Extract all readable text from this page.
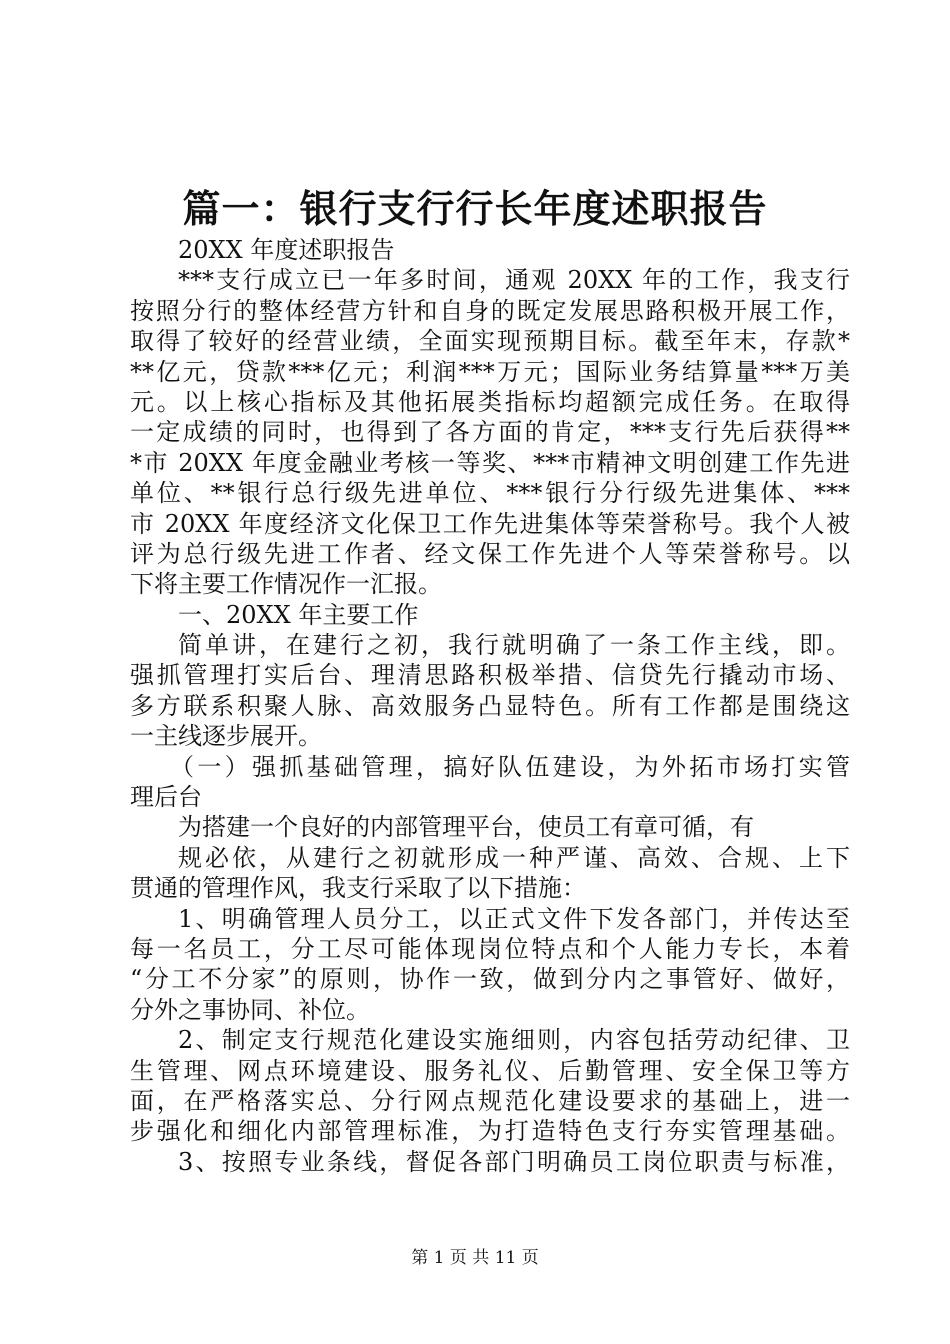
篇一：银行支行行长年度述职报告
20XX 年度述职报告
***支行成立已一年多时间，通观 20XX 年的工作，我支行
按照分行的整体经营方针和自身的既定发展思路积极开展工作，
取得了较好的经营业绩，全面实现预期目标。截至年末，存款*
**亿元，贷款***亿元；利润***万元；国际业务结算量***万美
元。以上核心指标及其他拓展类指标均超额完成任务。在取得
一定成绩的同时，也得到了各方面的肯定，***支行先后获得**
*市 20XX 年度金融业考核一等奖、***市精神文明创建工作先进
单位、**银行总行级先进单位、***银行分行级先进集体、***
市 20XX 年度经济文化保卫工作先进集体等荣誉称号。我个人被
评为总行级先进工作者、经文保工作先进个人等荣誉称号。以
下将主要工作情况作一汇报。
一、20XX 年主要工作
简单讲，在建行之初，我行就明确了一条工作主线，即。
强抓管理打实后台、理清思路积极举措、信贷先行撬动市场、
多方联系积聚人脉、高效服务凸显特色。所有工作都是围绕这
一主线逐步展开。
（一）强抓基础管理，搞好队伍建设，为外拓市场打实管
理后台
为搭建一个良好的内部管理平台，使员工有章可循，有
规必依，从建行之初就形成一种严谨、高效、合规、上下
贯通的管理作风，我支行采取了以下措施：
1、明确管理人员分工，以正式文件下发各部门，并传达至
每一名员工，分工尽可能体现岗位特点和个人能力专长，本着
“分工不分家”的原则，协作一致，做到分内之事管好、做好，
分外之事协同、补位。
2、制定支行规范化建设实施细则，内容包括劳动纪律、卫
生管理、网点环境建设、服务礼仪、后勤管理、安全保卫等方
面，在严格落实总、分行网点规范化建设要求的基础上，进一
步强化和细化内部管理标准，为打造特色支行夯实管理基础。
3、按照专业条线，督促各部门明确员工岗位职责与标准，
第 1 页 共 11 页
